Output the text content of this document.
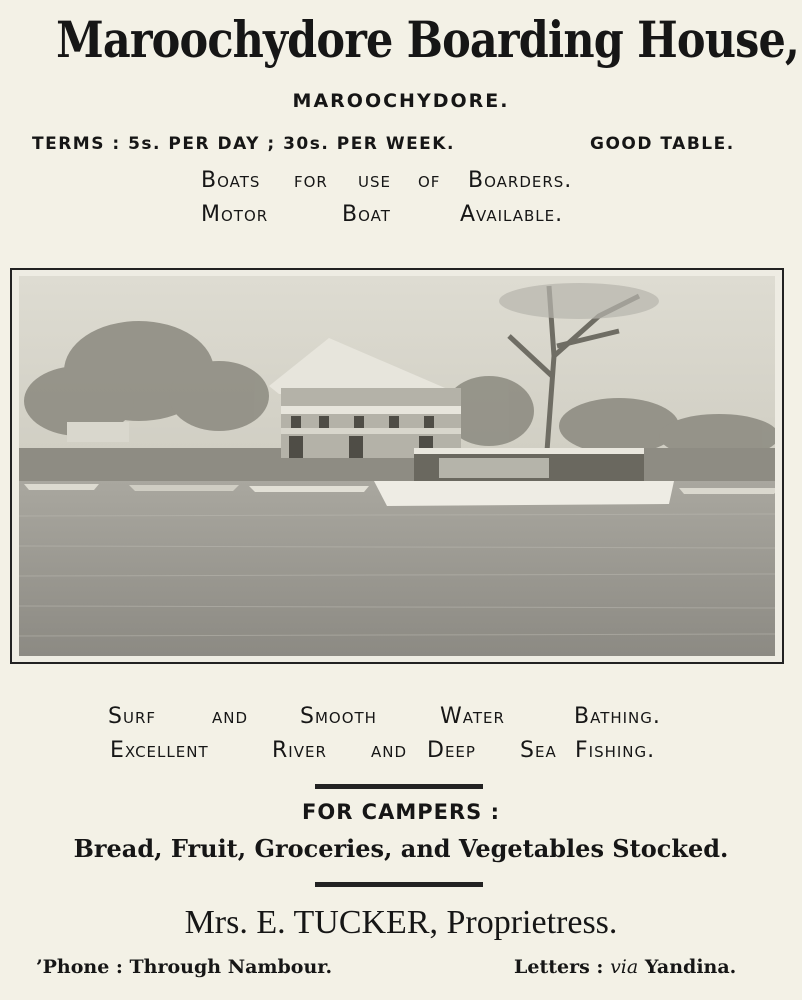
Maroochydore Boarding House,
MAROOCHYDORE.
TERMS : 5s. PER DAY ; 30s. PER WEEK.	GOOD TABLE.
Boats for use of Boarders.
Motor	Boat	Available.
Surf	and Smooth	Water	Bathing.
Excellent	River and Deep Sea Fishing.
FOR CAMPERS :
Bread, Fruit, Groceries, and Vegetables Stocked.
Mrs. E. TUCKER, Proprietress.
’Phone : Through Nambour.	Letters : via Yandina.
